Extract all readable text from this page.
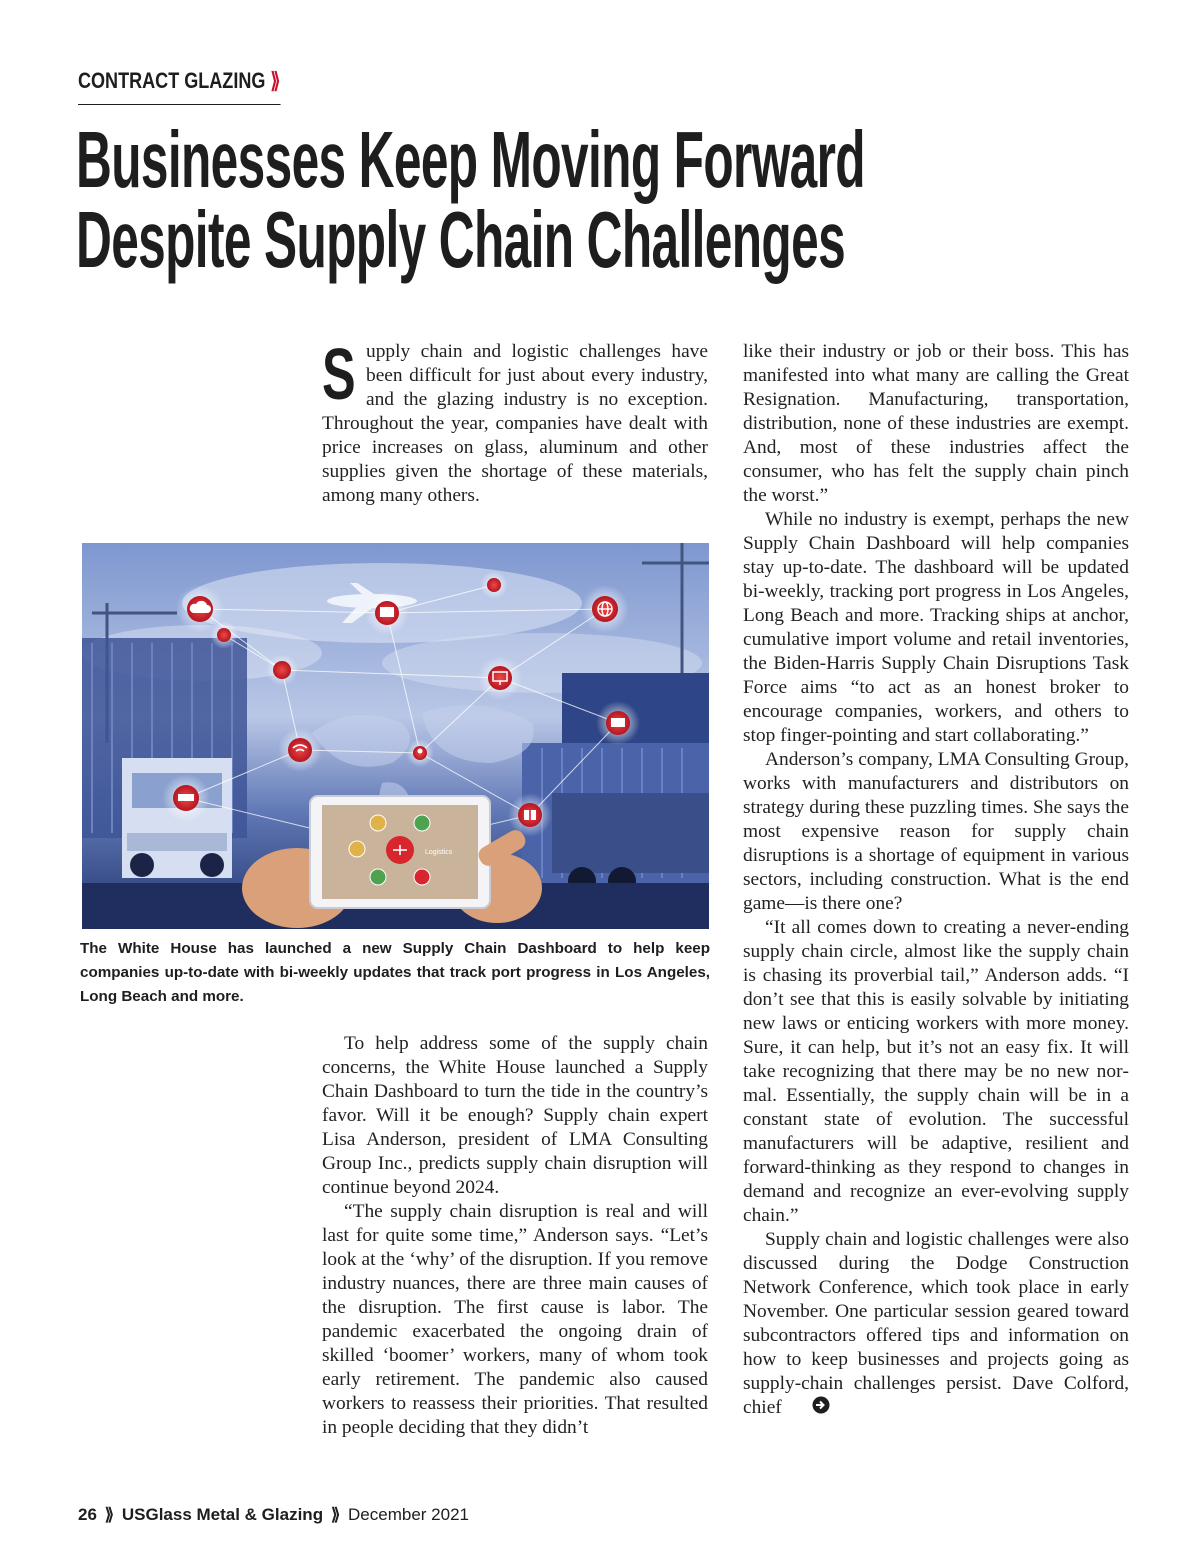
CONTRACT GLAZING ⟫
Businesses Keep Moving Forward
Despite Supply Chain Challenges

Supply chain and logistic challenges have been difficult for just about every industry, and the glazing industry is no exception. Throughout the year, companies have dealt with price increases on glass, aluminum and other supplies given the shortage of these materials, among many others.

Logistics

The White House has launched a new Supply Chain Dashboard to help keep companies up-to-date with bi-weekly updates that track port progress in Los Angeles, Long Beach and more.

To help address some of the supply chain concerns, the White House launched a Supply Chain Dashboard to turn the tide in the country’s favor. Will it be enough? Supply chain expert Lisa Anderson, president of LMA Consulting Group Inc., predicts supply chain disruption will continue beyond 2024.

“The supply chain disruption is real and will last for quite some time,” Anderson says. “Let’s look at the ‘why’ of the disruption. If you remove industry nuances, there are three main causes of the disruption. The first cause is labor. The pandemic exacerbated the ongoing drain of skilled ‘boomer’ workers, many of whom took early retirement. The pandemic also caused workers to reassess their priorities. That resulted in people deciding that they didn’t

like their industry or job or their boss. This has manifested into what many are calling the Great Resignation. Manufacturing, transportation, distribution, none of these industries are exempt. And, most of these industries affect the consumer, who has felt the supply chain pinch the worst.”

While no industry is exempt, perhaps the new Supply Chain Dashboard will help companies stay up-to-date. The dashboard will be updated bi-weekly, tracking port progress in Los Angeles, Long Beach and more. Tracking ships at anchor, cumulative import volume and retail inventories, the Biden-Harris Supply Chain Disruptions Task Force aims “to act as an honest broker to encourage companies, workers, and others to stop finger-pointing and start collaborating.”

Anderson’s company, LMA Consulting Group, works with manufacturers and distributors on strategy during these puzzling times. She says the most expensive reason for supply chain disruptions is a shortage of equipment in various sectors, including construction. What is the end game—is there one?

“It all comes down to creating a never-ending supply chain circle, almost like the supply chain is chasing its proverbial tail,” Anderson adds. “I don’t see that this is easily solvable by initiating new laws or enticing workers with more money. Sure, it can help, but it’s not an easy fix. It will take recognizing that there may be no new normal. Essentially, the supply chain will be in a constant state of evolution. The successful manufacturers will be adaptive, resilient and forward-thinking as they respond to changes in demand and recognize an ever-evolving supply chain.”

Supply chain and logistic challenges were also discussed during the Dodge Construction Network Conference, which took place in early November. One particular session geared toward subcontractors offered tips and information on how to keep businesses and projects going as supply-chain challenges persist. Dave Colford, chief

26 ⟫ USGlass Metal & Glazing ⟫ December 2021
